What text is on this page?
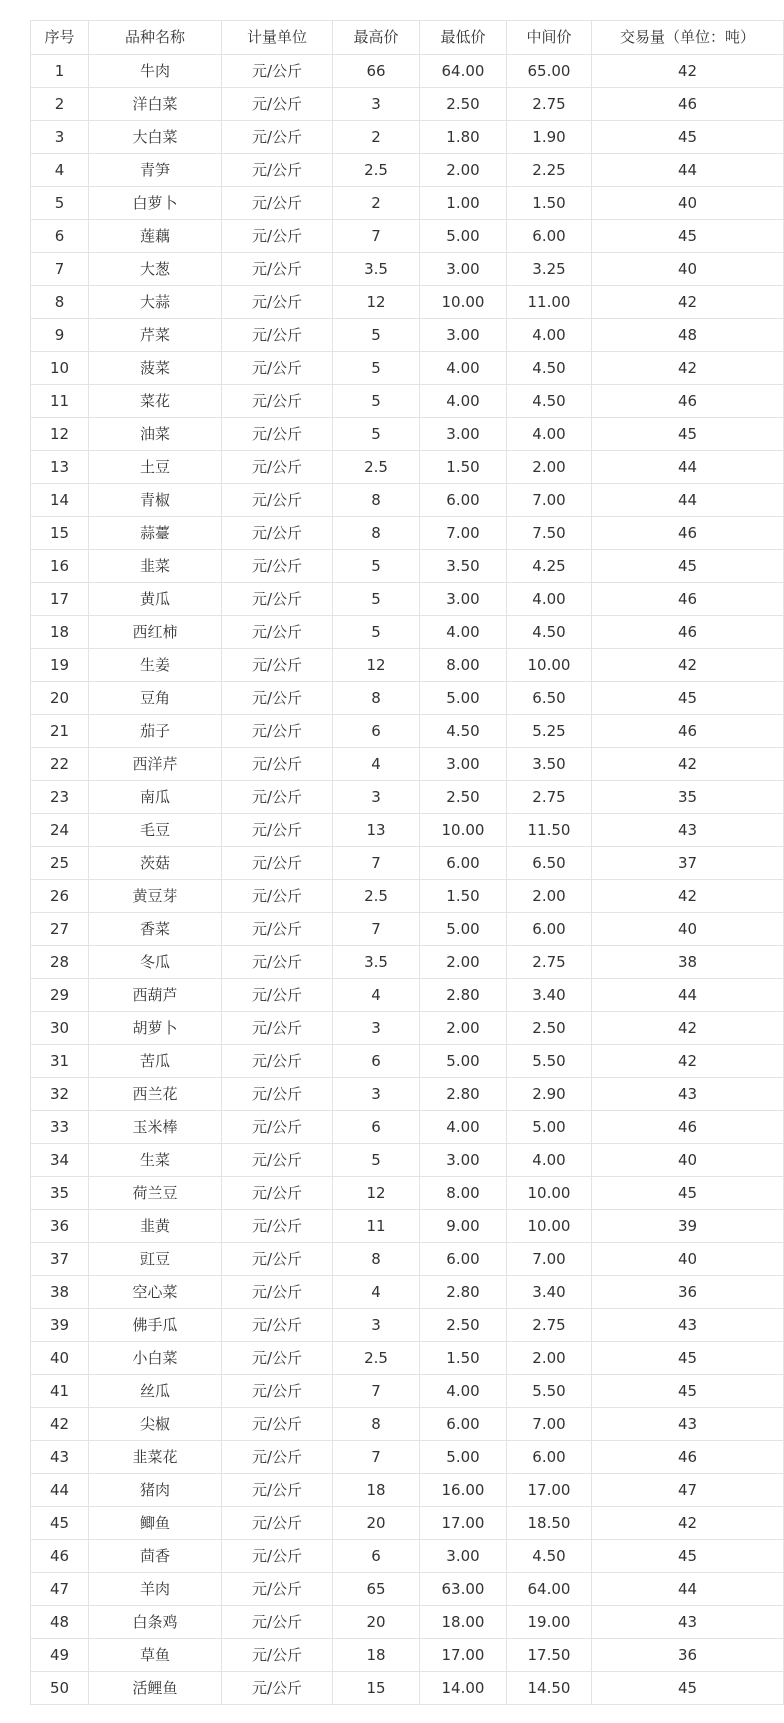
序号	品种名称	计量单位	最高价	最低价	中间价	交易量（单位：吨）
1	牛肉	元/公斤	66	64.00	65.00	42
2	洋白菜	元/公斤	3	2.50	2.75	46
3	大白菜	元/公斤	2	1.80	1.90	45
4	青笋	元/公斤	2.5	2.00	2.25	44
5	白萝卜	元/公斤	2	1.00	1.50	40
6	莲藕	元/公斤	7	5.00	6.00	45
7	大葱	元/公斤	3.5	3.00	3.25	40
8	大蒜	元/公斤	12	10.00	11.00	42
9	芹菜	元/公斤	5	3.00	4.00	48
10	菠菜	元/公斤	5	4.00	4.50	42
11	菜花	元/公斤	5	4.00	4.50	46
12	油菜	元/公斤	5	3.00	4.00	45
13	土豆	元/公斤	2.5	1.50	2.00	44
14	青椒	元/公斤	8	6.00	7.00	44
15	蒜薹	元/公斤	8	7.00	7.50	46
16	韭菜	元/公斤	5	3.50	4.25	45
17	黄瓜	元/公斤	5	3.00	4.00	46
18	西红柿	元/公斤	5	4.00	4.50	46
19	生姜	元/公斤	12	8.00	10.00	42
20	豆角	元/公斤	8	5.00	6.50	45
21	茄子	元/公斤	6	4.50	5.25	46
22	西洋芹	元/公斤	4	3.00	3.50	42
23	南瓜	元/公斤	3	2.50	2.75	35
24	毛豆	元/公斤	13	10.00	11.50	43
25	茨菇	元/公斤	7	6.00	6.50	37
26	黄豆芽	元/公斤	2.5	1.50	2.00	42
27	香菜	元/公斤	7	5.00	6.00	40
28	冬瓜	元/公斤	3.5	2.00	2.75	38
29	西葫芦	元/公斤	4	2.80	3.40	44
30	胡萝卜	元/公斤	3	2.00	2.50	42
31	苦瓜	元/公斤	6	5.00	5.50	42
32	西兰花	元/公斤	3	2.80	2.90	43
33	玉米棒	元/公斤	6	4.00	5.00	46
34	生菜	元/公斤	5	3.00	4.00	40
35	荷兰豆	元/公斤	12	8.00	10.00	45
36	韭黄	元/公斤	11	9.00	10.00	39
37	豇豆	元/公斤	8	6.00	7.00	40
38	空心菜	元/公斤	4	2.80	3.40	36
39	佛手瓜	元/公斤	3	2.50	2.75	43
40	小白菜	元/公斤	2.5	1.50	2.00	45
41	丝瓜	元/公斤	7	4.00	5.50	45
42	尖椒	元/公斤	8	6.00	7.00	43
43	韭菜花	元/公斤	7	5.00	6.00	46
44	猪肉	元/公斤	18	16.00	17.00	47
45	鲫鱼	元/公斤	20	17.00	18.50	42
46	茴香	元/公斤	6	3.00	4.50	45
47	羊肉	元/公斤	65	63.00	64.00	44
48	白条鸡	元/公斤	20	18.00	19.00	43
49	草鱼	元/公斤	18	17.00	17.50	36
50	活鲤鱼	元/公斤	15	14.00	14.50	45
